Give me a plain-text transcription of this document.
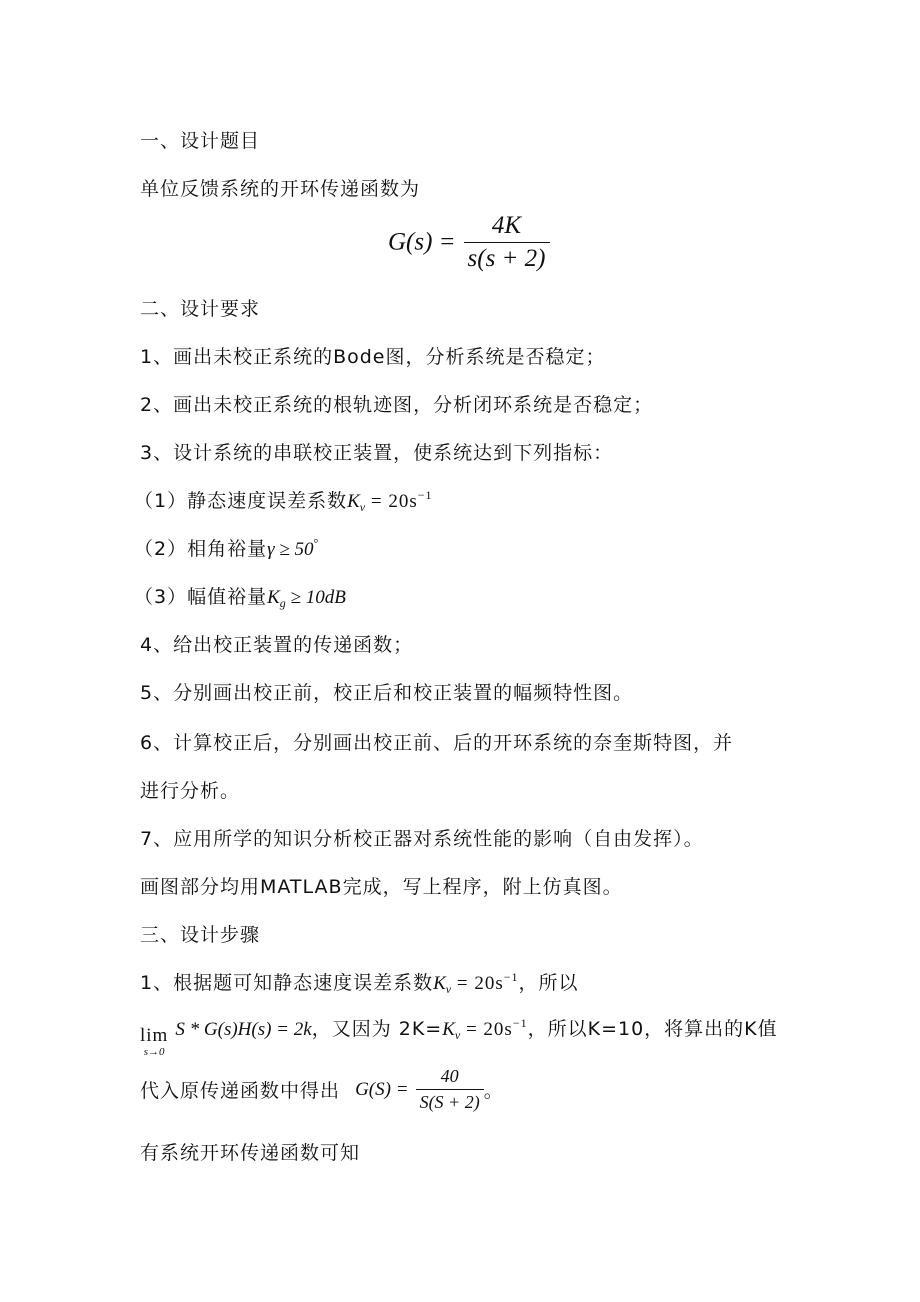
一、设计题目
单位反馈系统的开环传递函数为
$G(s) = \frac{4K}{s(s + 2)}$
二、设计要求
1、画出未校正系统的Bode图，分析系统是否稳定；
2、画出未校正系统的根轨迹图，分析闭环系统是否稳定；
3、设计系统的串联校正装置，使系统达到下列指标：
（1）静态速度误差系数$K_v = 20s^{-1}$
（2）相角裕量γ ≥ 50°
（3）幅值裕量$K_g \ge 10dB$
4、给出校正装置的传递函数；
5、分别画出校正前，校正后和校正装置的幅频特性图。
6、计算校正后，分别画出校正前、后的开环系统的奈奎斯特图，并
进行分析。
7、应用所学的知识分析校正器对系统性能的影响（自由发挥）。
画图部分均用MATLAB完成，写上程序，附上仿真图。
三、设计步骤
1、根据题可知静态速度误差系数$K_v = 20s^{-1}$，所以
lim
s→0
S * G(s)H(s) = 2k，又因为 $2K=K_v = 20s^{-1}$，所以K=10，将算出的K值
代入原传递函数中得出 $G(S) = \frac{40}{S(S + 2)}$ 。
有系统开环传递函数可知
